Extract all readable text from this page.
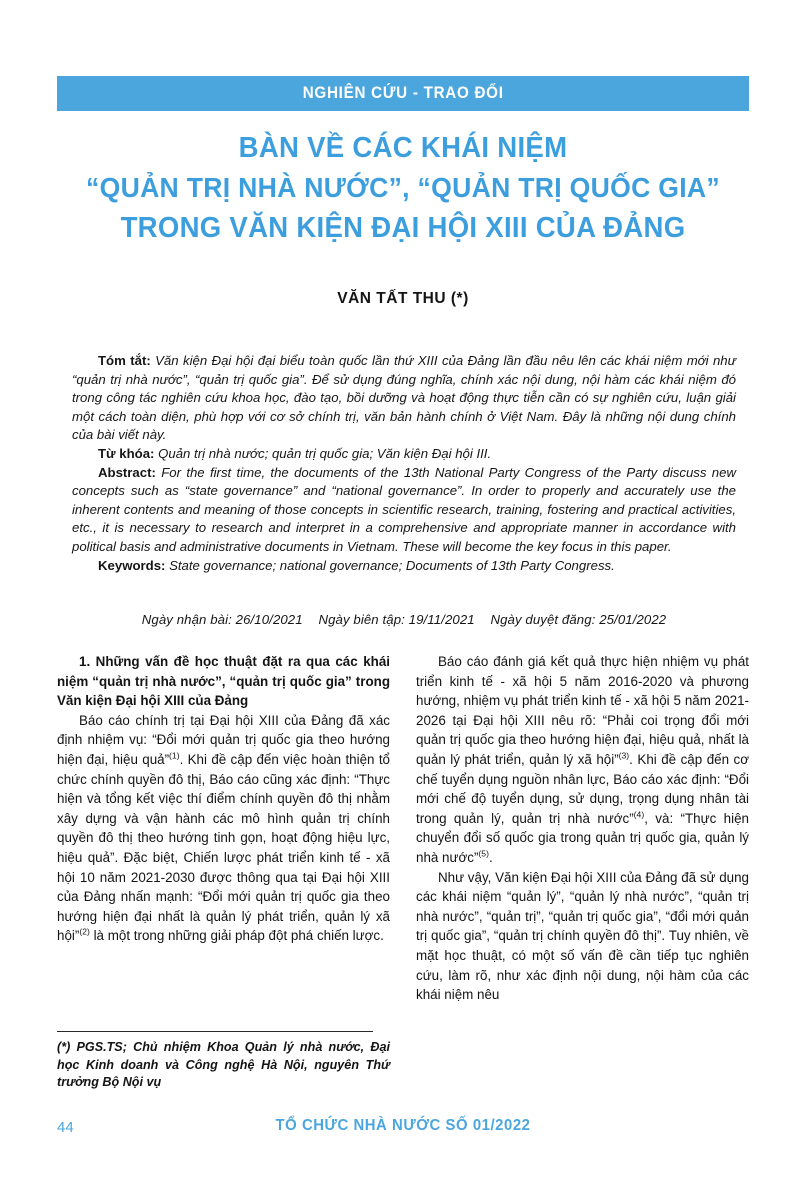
NGHIÊN CỨU - TRAO ĐỔI
BÀN VỀ CÁC KHÁI NIỆM
“QUẢN TRỊ NHÀ NƯỚC”, “QUẢN TRỊ QUỐC GIA”
TRONG VĂN KIỆN ĐẠI HỘI XIII CỦA ĐẢNG
VĂN TẤT THU (*)

Tóm tắt: Văn kiện Đại hội đại biểu toàn quốc lần thứ XIII của Đảng lần đầu nêu lên các khái niệm mới như “quản trị nhà nước”, “quản trị quốc gia”. Để sử dụng đúng nghĩa, chính xác nội dung, nội hàm các khái niệm đó trong công tác nghiên cứu khoa học, đào tạo, bồi dưỡng và hoạt động thực tiễn cần có sự nghiên cứu, luận giải một cách toàn diện, phù hợp với cơ sở chính trị, văn bản hành chính ở Việt Nam. Đây là những nội dung chính của bài viết này.

Từ khóa: Quản trị nhà nước; quản trị quốc gia; Văn kiện Đại hội III.

Abstract: For the first time, the documents of the 13th National Party Congress of the Party discuss new concepts such as “state governance” and “national governance”. In order to properly and accurately use the inherent contents and meaning of those concepts in scientific research, training, fostering and practical activities, etc., it is necessary to research and interpret in a comprehensive and appropriate manner in accordance with political basis and administrative documents in Vietnam. These will become the key focus in this paper.

Keywords: State governance; national governance; Documents of 13th Party Congress.

Ngày nhận bài: 26/10/2021 Ngày biên tập: 19/11/2021 Ngày duyệt đăng: 25/01/2022

1. Những vấn đề học thuật đặt ra qua các khái niệm “quản trị nhà nước”, “quản trị quốc gia” trong Văn kiện Đại hội XIII của Đảng

Báo cáo chính trị tại Đại hội XIII của Đảng đã xác định nhiệm vụ: “Đổi mới quản trị quốc gia theo hướng hiện đại, hiệu quả”$^{(1)}$. Khi đề cập đến việc hoàn thiện tổ chức chính quyền đô thị, Báo cáo cũng xác định: “Thực hiện và tổng kết việc thí điểm chính quyền đô thị nhằm xây dựng và vận hành các mô hình quản trị chính quyền đô thị theo hướng tinh gọn, hoạt động hiệu lực, hiệu quả”. Đặc biệt, Chiến lược phát triển kinh tế - xã hội 10 năm 2021-2030 được thông qua tại Đại hội XIII của Đảng nhấn mạnh: “Đổi mới quản trị quốc gia theo hướng hiện đại nhất là quản lý phát triển, quản lý xã hội”$^{(2)}$ là một trong những giải pháp đột phá chiến lược.

(*) PGS.TS; Chủ nhiệm Khoa Quản lý nhà nước, Đại học Kinh doanh và Công nghệ Hà Nội, nguyên Thứ trưởng Bộ Nội vụ

Báo cáo đánh giá kết quả thực hiện nhiệm vụ phát triển kinh tế - xã hội 5 năm 2016-2020 và phương hướng, nhiệm vụ phát triển kinh tế - xã hội 5 năm 2021-2026 tại Đại hội XIII nêu rõ: “Phải coi trọng đổi mới quản trị quốc gia theo hướng hiện đại, hiệu quả, nhất là quản lý phát triển, quản lý xã hội”$^{(3)}$. Khi đề cập đến cơ chế tuyển dụng nguồn nhân lực, Báo cáo xác định: “Đổi mới chế độ tuyển dụng, sử dụng, trọng dụng nhân tài trong quản lý, quản trị nhà nước”$^{(4)}$, và: “Thực hiện chuyển đổi số quốc gia trong quản trị quốc gia, quản lý nhà nước”$^{(5)}$.

Như vậy, Văn kiện Đại hội XIII của Đảng đã sử dụng các khái niệm “quản lý”, “quản lý nhà nước”, “quản trị nhà nước”, “quản trị”, “quản trị quốc gia”, “đổi mới quản trị quốc gia”, “quản trị chính quyền đô thị”. Tuy nhiên, về mặt học thuật, có một số vấn đề cần tiếp tục nghiên cứu, làm rõ, như xác định nội dung, nội hàm của các khái niệm nêu

44	TỔ CHỨC NHÀ NƯỚC SỐ 01/2022
